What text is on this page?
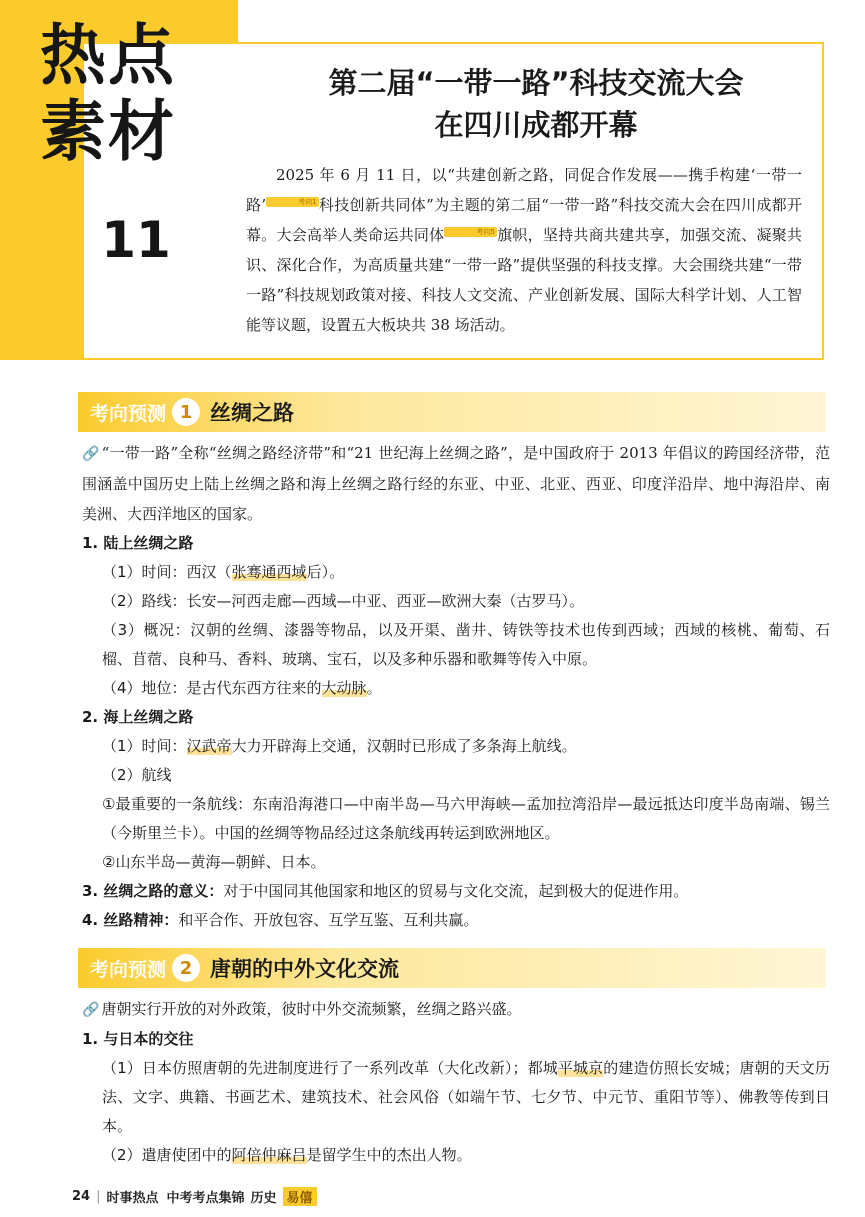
热点
素材
11
第二届“一带一路”科技交流大会
在四川成都开幕
2025 年 6 月 11 日，以“共建创新之路，同促合作发展——携手构建‘一带一路’	考向1 科技创新共同体”为主题的第二届“一带一路”科技交流大会在四川成都开幕。大会高举人类命运共同体	考向5 旗帜，坚持共商共建共享，加强交流、凝聚共识、深化合作，为高质量共建“一带一路”提供坚强的科技支撑。大会围绕共建“一带一路”科技规划政策对接、科技人文交流、产业创新发展、国际大科学计划、人工智能等议题，设置五大板块共 38 场活动。
考向预测 1 丝绸之路
🔗 “一带一路”全称“丝绸之路经济带”和“21 世纪海上丝绸之路”，是中国政府于 2013 年倡议的跨国经济带，范围涵盖中国历史上陆上丝绸之路和海上丝绸之路行经的东亚、中亚、北亚、西亚、印度洋沿岸、地中海沿岸、南美洲、大西洋地区的国家。
1. 陆上丝绸之路
（1）时间：西汉（张骞通西域后）。
（2）路线：长安—河西走廊—西域—中亚、西亚—欧洲大秦（古罗马）。
（3）概况：汉朝的丝绸、漆器等物品，以及开渠、凿井、铸铁等技术也传到西域；西域的核桃、葡萄、石榴、苜蓿、良种马、香料、玻璃、宝石，以及多种乐器和歌舞等传入中原。
（4）地位：是古代东西方往来的大动脉。
2. 海上丝绸之路
（1）时间：汉武帝大力开辟海上交通，汉朝时已形成了多条海上航线。
（2）航线
①最重要的一条航线：东南沿海港口—中南半岛—马六甲海峡—孟加拉湾沿岸—最远抵达印度半岛南端、锡兰（今斯里兰卡）。中国的丝绸等物品经过这条航线再转运到欧洲地区。
②山东半岛—黄海—朝鲜、日本。
3. 丝绸之路的意义：对于中国同其他国家和地区的贸易与文化交流，起到极大的促进作用。
4. 丝路精神：和平合作、开放包容、互学互鉴、互利共赢。
考向预测 2 唐朝的中外文化交流
🔗 唐朝实行开放的对外政策，彼时中外交流频繁，丝绸之路兴盛。
1. 与日本的交往
（1）日本仿照唐朝的先进制度进行了一系列改革（大化改新）；都城平城京的建造仿照长安城；唐朝的天文历法、文字、典籍、书画艺术、建筑技术、社会风俗（如端午节、七夕节、中元节、重阳节等）、佛教等传到日本。
（2）遣唐使团中的阿倍仲麻吕是留学生中的杰出人物。
24 | 时事热点 中考考点集锦 历史 易僖
